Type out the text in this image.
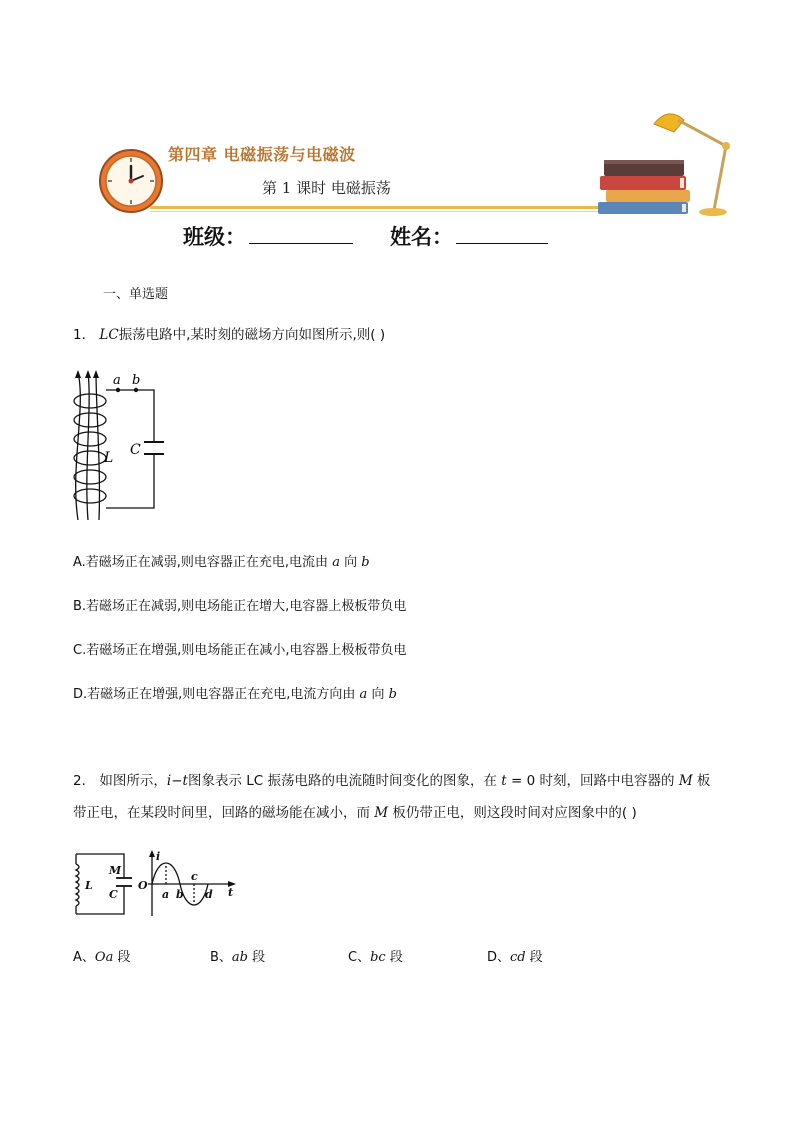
第四章 电磁振荡与电磁波
第 1 课时 电磁振荡
班级：	姓名：
一、单选题
1． LC振荡电路中,某时刻的磁场方向如图所示,则( )
a b
C
L
A.若磁场正在减弱,则电容器正在充电,电流由 a 向 b
B.若磁场正在减弱,则电场能正在增大,电容器上极板带负电
C.若磁场正在增强,则电场能正在减小,电容器上极板带负电
D.若磁场正在增强,则电容器正在充电,电流方向由 a 向 b
2． 如图所示，i−t图象表示 LC 振荡电路的电流随时间变化的图象，在 t = 0 时刻，回路中电容器的 M 板
带正电，在某段时间里，回路的磁场能在减小，而 M 板仍带正电，则这段时间对应图象中的( )
L
M
C
O
i
t
a b
c
d
A、Oa 段	B、ab 段	C、bc 段	D、cd 段
